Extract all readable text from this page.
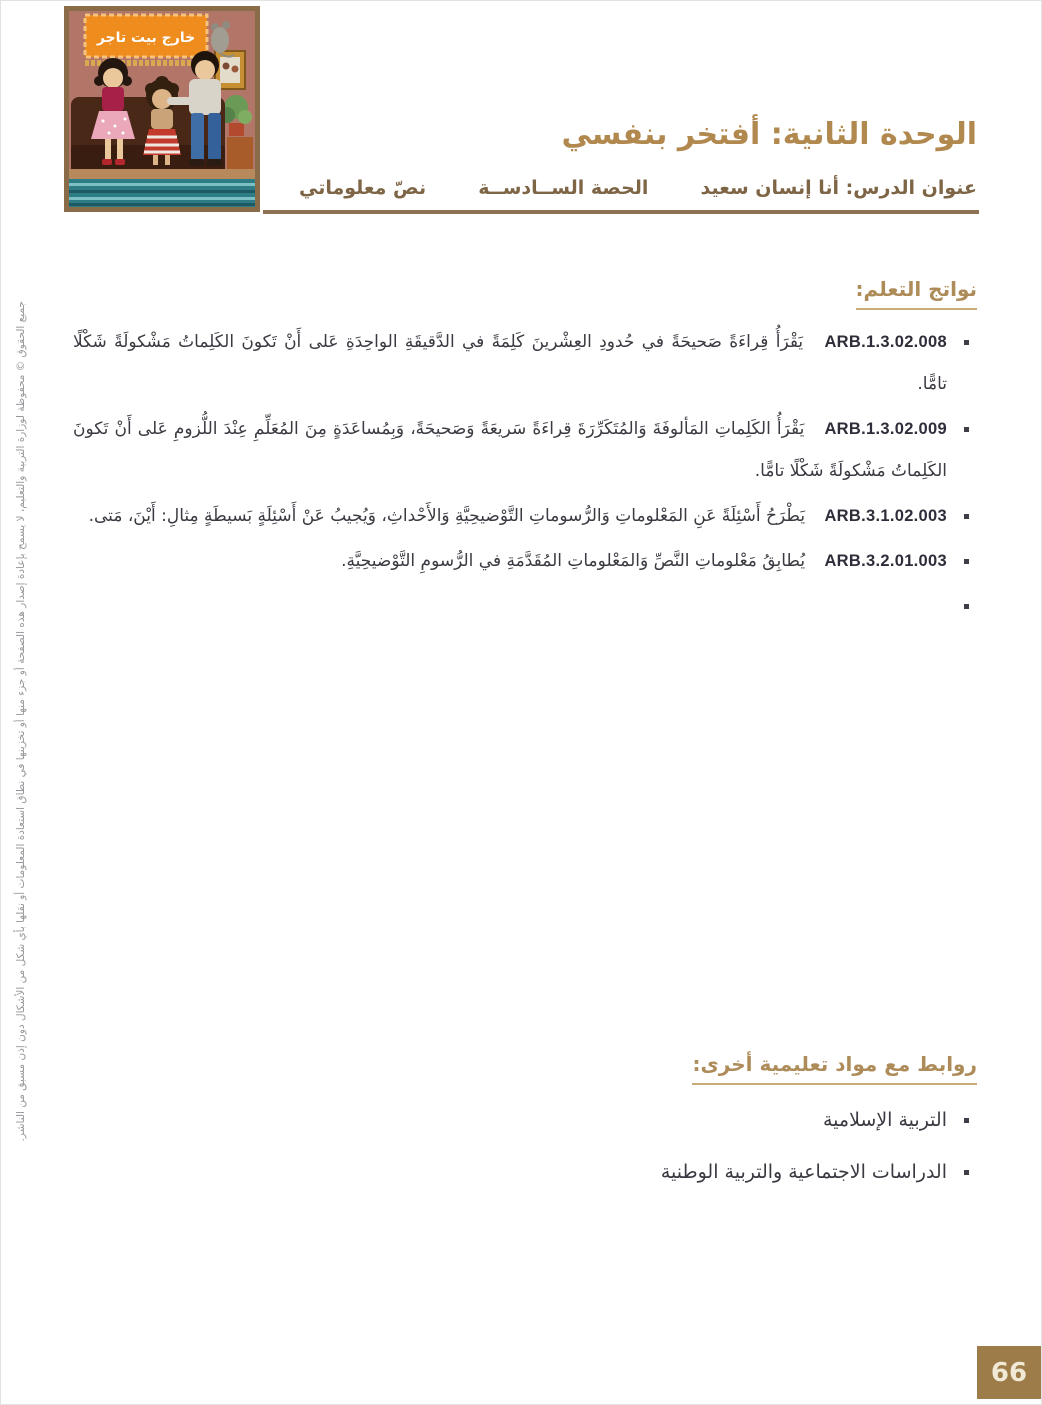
خارج بيت تاجر
الوحدة الثانية: أفتخر بنفسي
عنوان الدرس: أنا إنسان سعيد
الحصة الســادســة
نصّ معلوماتي
نواتج التعلم:
ARB.1.3.02.008 يَقْرَأُ قِراءَةً صَحيحَةً في حُدودِ العِشْرينَ كَلِمَةً في الدَّقيقَةِ الواحِدَةِ عَلى أَنْ تَكونَ الكَلِماتُ مَشْكولَةً شَكْلًا تامًّا.
ARB.1.3.02.009 يَقْرَأُ الكَلِماتِ المَألوفَةَ وَالمُتَكَرِّرَةَ قِراءَةً سَريعَةً وَصَحيحَةً، وَبِمُساعَدَةٍ مِنَ المُعَلِّمِ عِنْدَ اللُّزومِ عَلى أَنْ تَكونَ الكَلِماتُ مَشْكولَةً شَكْلًا تامًّا.
ARB.3.1.02.003 يَطْرَحُ أَسْئِلَةً عَنِ المَعْلوماتِ وَالرُّسوماتِ التَّوْضيحِيَّةِ وَالأَحْداثِ، وَيُجيبُ عَنْ أَسْئِلَةٍ بَسيطَةٍ مِثالِ: أَيْنَ، مَتى.
ARB.3.2.01.003 يُطابِقُ مَعْلوماتِ النَّصِّ وَالمَعْلوماتِ المُقَدَّمَةِ في الرُّسومِ التَّوْضيحِيَّةِ.
روابط مع مواد تعليمية أخرى:
التربية الإسلامية
الدراسات الاجتماعية والتربية الوطنية
جميع الحقوق © محفوظة لوزارة التربية والتعليم، لا يسمح بإعادة إصدار هذه الصفحة أو جزء منها أو تخزينها في نطاق استعادة المعلومات أو نقلها بأي شكل من الأشكال دون إذن مسبق من الناشر.
66
